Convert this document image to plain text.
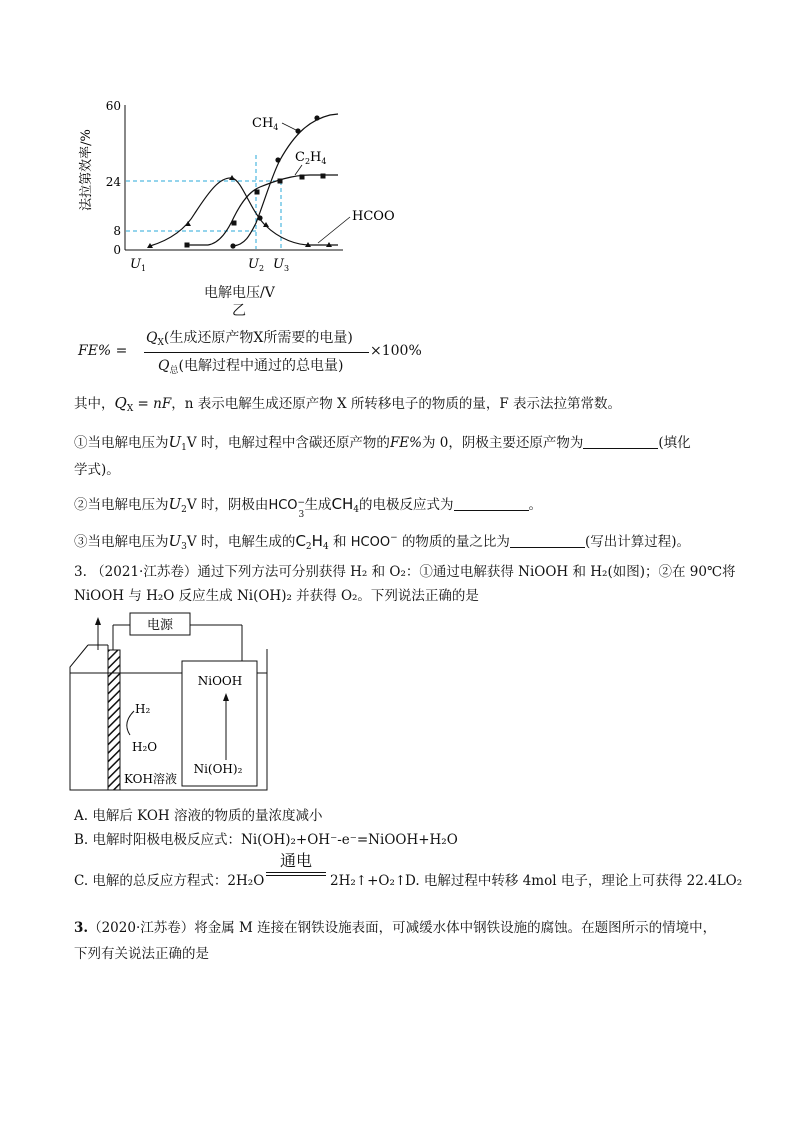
法拉第效率/%
60
24
8
0
$U_1$	$U_2$ $U_3$
$CH_4$
$C_2H_4$
HCOO
电解电压/V
乙
FE% =
$Q_X$(生成还原产物X所需要的电量)
$Q_总$(电解过程中通过的总电量)
×100%
其中，$Q_X$ = nF，n 表示电解生成还原产物 X 所转移电子的物质的量，F 表示法拉第常数。
①当电解电压为$U_1V$ 时，电解过程中含碳还原产物的FE%为 0，阴极主要还原产物为	(填化
学式)。
②当电解电压为$U_2V$ 时，阴极由HCO −
3
生成$CH_4$的电极反应式为	。
③当电解电压为$U_3V$ 时，电解生成的$C_2H_4$ 和 HCOO− 的物质的量之比为	(写出计算过程)。
3. （2021·江苏卷）通过下列方法可分别获得 H₂ 和 O₂：①通过电解获得 NiOOH 和 H₂(如图)；②在 90℃将
NiOOH 与 H₂O 反应生成 Ni(OH)₂ 并获得 O₂。下列说法正确的是
电源
NiOOH
Ni(OH)₂
H₂
H₂O
KOH溶液
A. 电解后 KOH 溶液的物质的量浓度减小
B. 电解时阳极电极反应式：Ni(OH)₂+OH⁻-e⁻=NiOOH+H₂O
C. 电解的总反应方程式：2H₂O
通电
2H₂↑+O₂↑
D. 电解过程中转移 4mol 电子，理论上可获得 22.4LO₂
3.（2020·江苏卷）将金属 M 连接在钢铁设施表面，可减缓水体中钢铁设施的腐蚀。在题图所示的情境中，
下列有关说法正确的是
